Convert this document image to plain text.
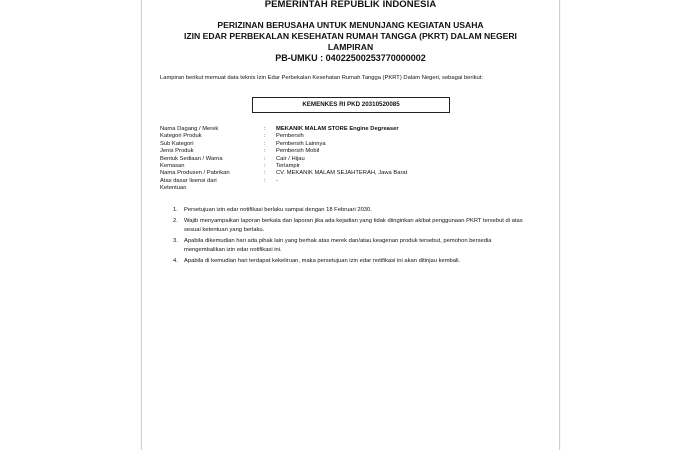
PEMERINTAH REPUBLIK INDONESIA
PERIZINAN BERUSAHA UNTUK MENUNJANG KEGIATAN USAHA
IZIN EDAR PERBEKALAN KESEHATAN RUMAH TANGGA (PKRT) DALAM NEGERI
LAMPIRAN
PB-UMKU : 04022500253770000002
Lampiran berikut memuat data teknis Izin Edar Perbekalan Kesehatan Rumah Tangga (PKRT) Dalam Negeri, sebagai berikut:
KEMENKES RI PKD 20310520085
Nama Dagang / Merek	: MEKANIK MALAM STORE Engine Degreaser
Kategori Produk	: Pembersih
Sub Kategori	: Pembersih Lainnya
Jenis Produk	: Pembersih Mobil
Bentuk Sediaan / Warna	: Cair / Hijau
Kemasan	: Terlampir
Nama Produsen / Pabrikan	: CV. MEKANIK MALAM SEJAHTERAH, Jawa Barat
Atas dasar lisensi dari	: -
Ketentuan
1. Persetujuan izin edar notifikasi berlaku sampai dengan 18 Februari 2030.
2. Wajib menyampaikan laporan berkala dan laporan jika ada kejadian yang tidak diinginkan akibat penggunaan PKRT tersebut di atas sesuai ketentuan yang berlaku.
3. Apabila dikemudian hari ada pihak lain yang berhak atas merek dan/atau keagenan produk tersebut, pemohon bersedia mengembalikan izin edar notifikasi ini.
4. Apabila di kemudian hari terdapat kekeliruan, maka persetujuan izin edar notifikasi ini akan ditinjau kembali.
